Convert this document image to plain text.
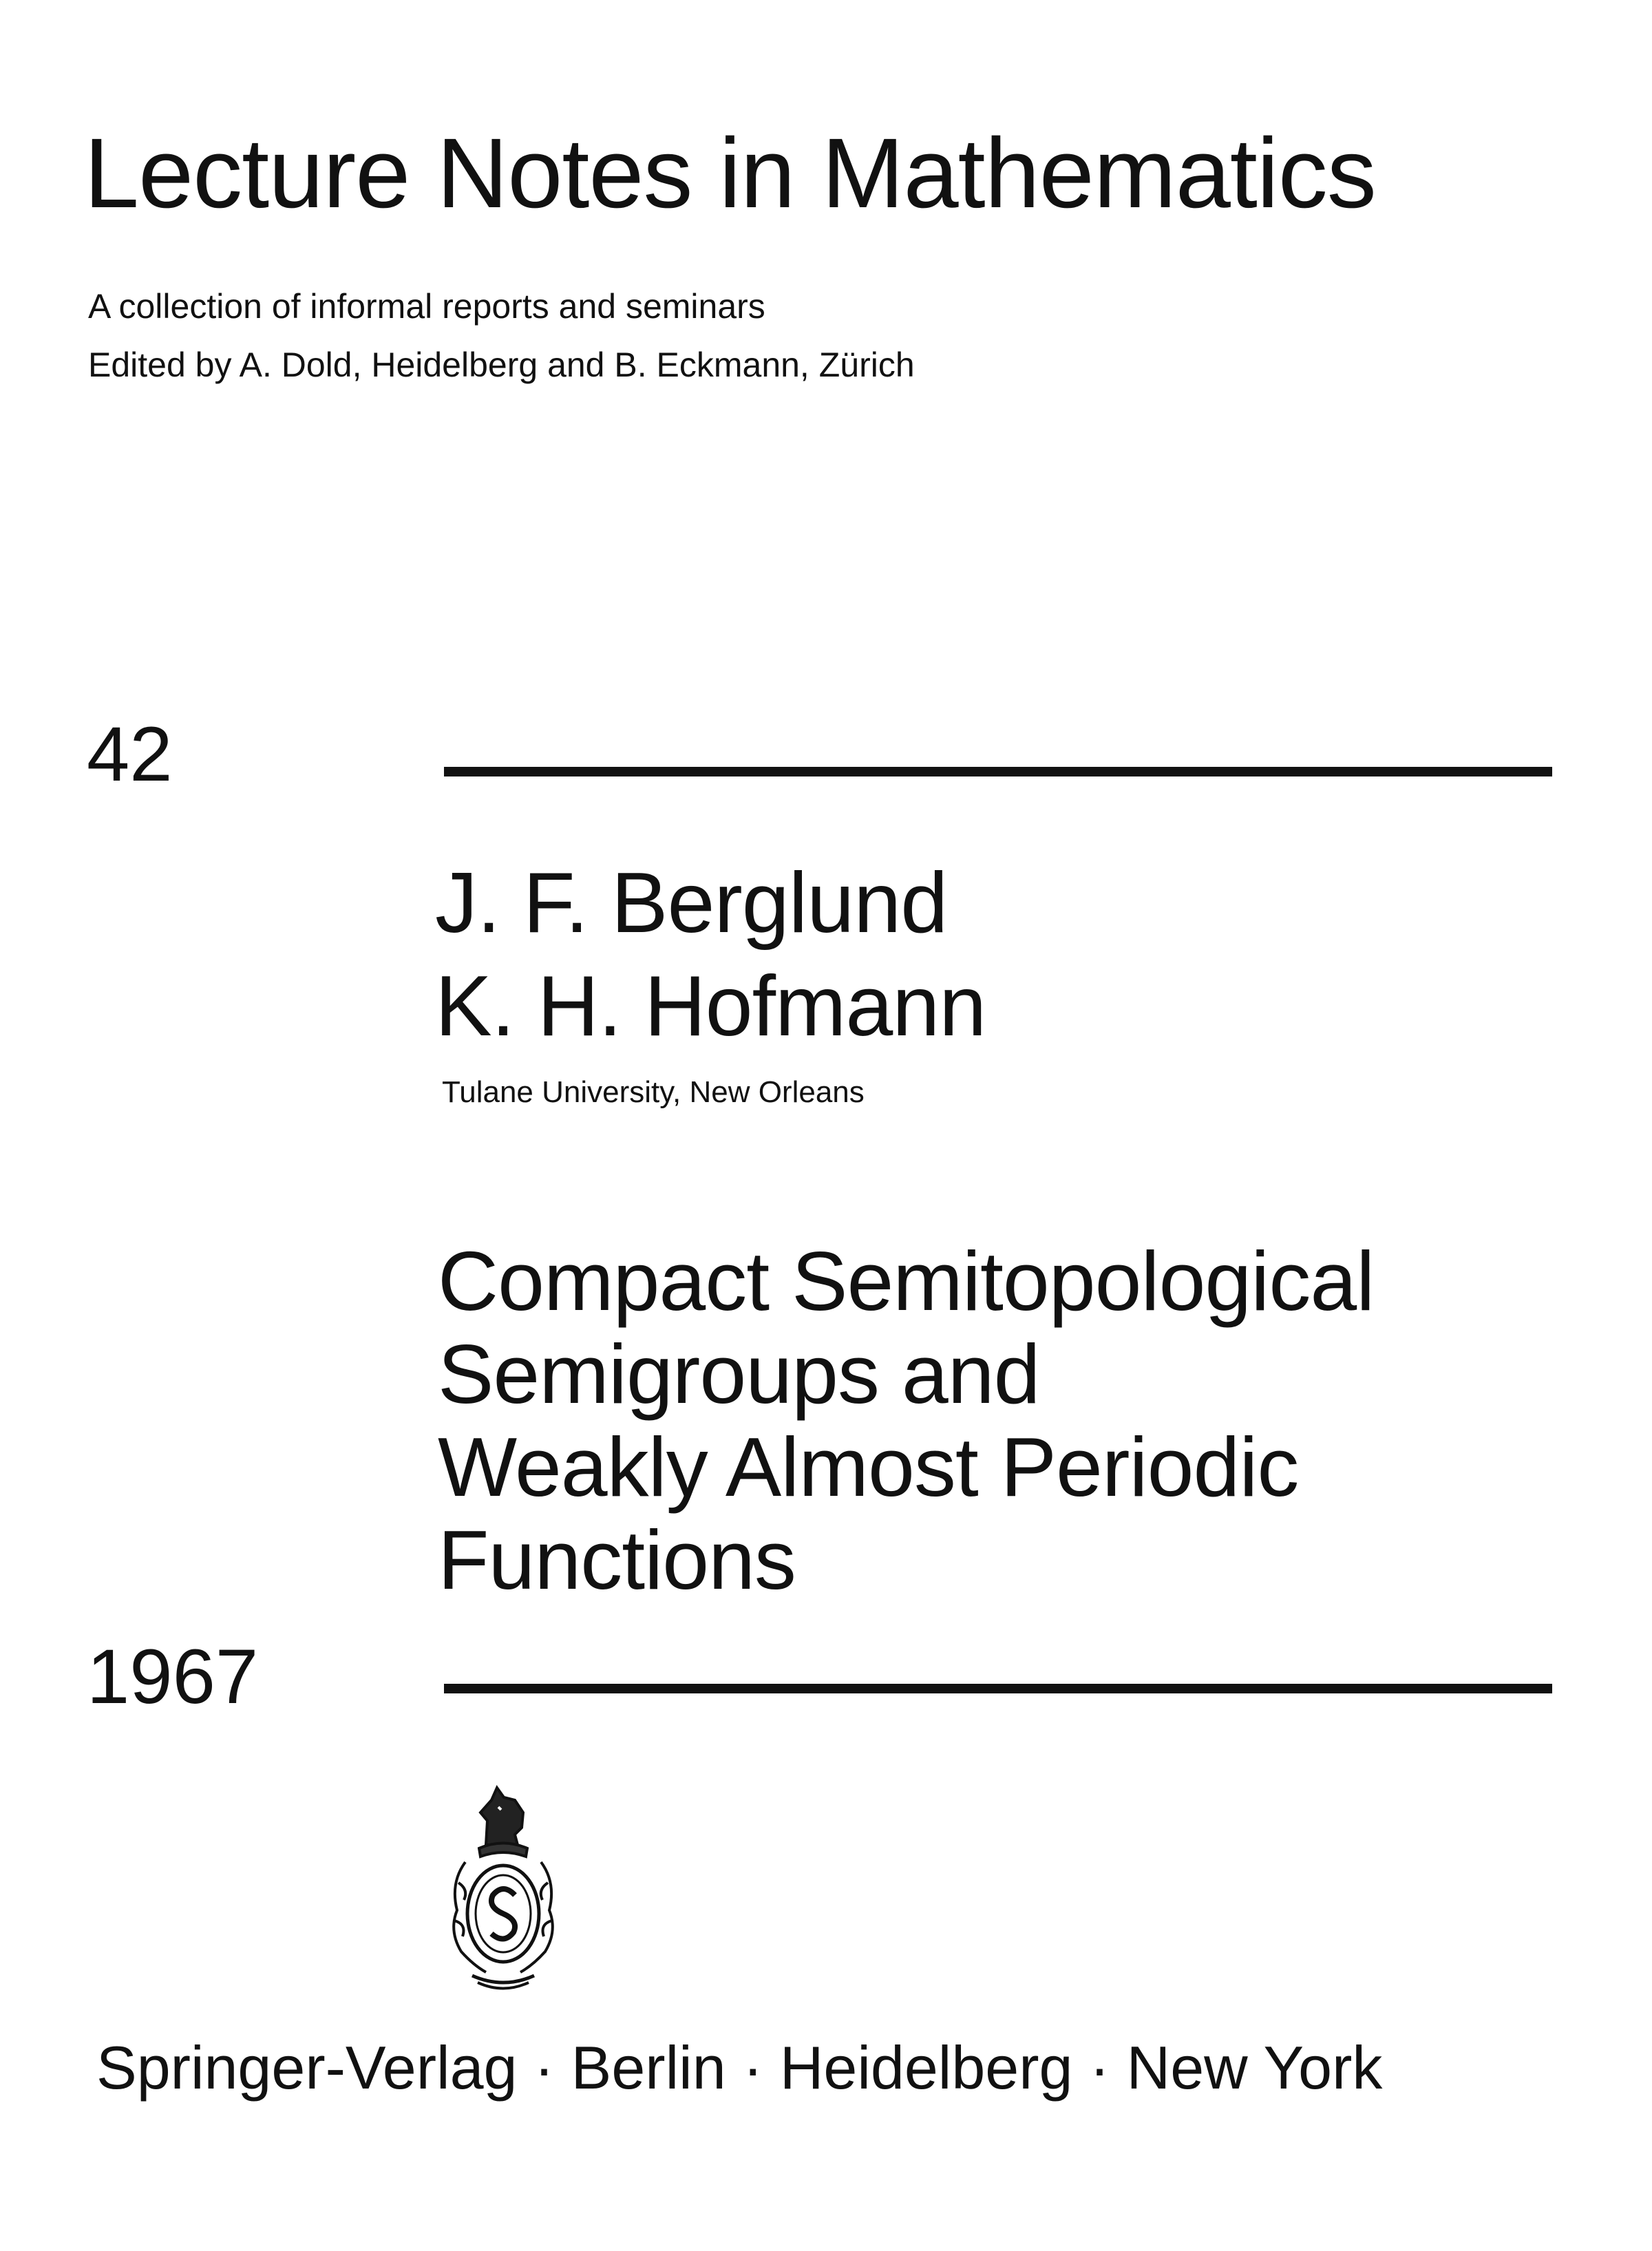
Lecture Notes in Mathematics
A collection of informal reports and seminars
Edited by A. Dold, Heidelberg and B. Eckmann, Zürich
42
J. F. Berglund
K. H. Hofmann
Tulane University, New Orleans
Compact Semitopological
Semigroups and
Weakly Almost Periodic
Functions
1967
Springer-Verlag · Berlin · Heidelberg · New York
